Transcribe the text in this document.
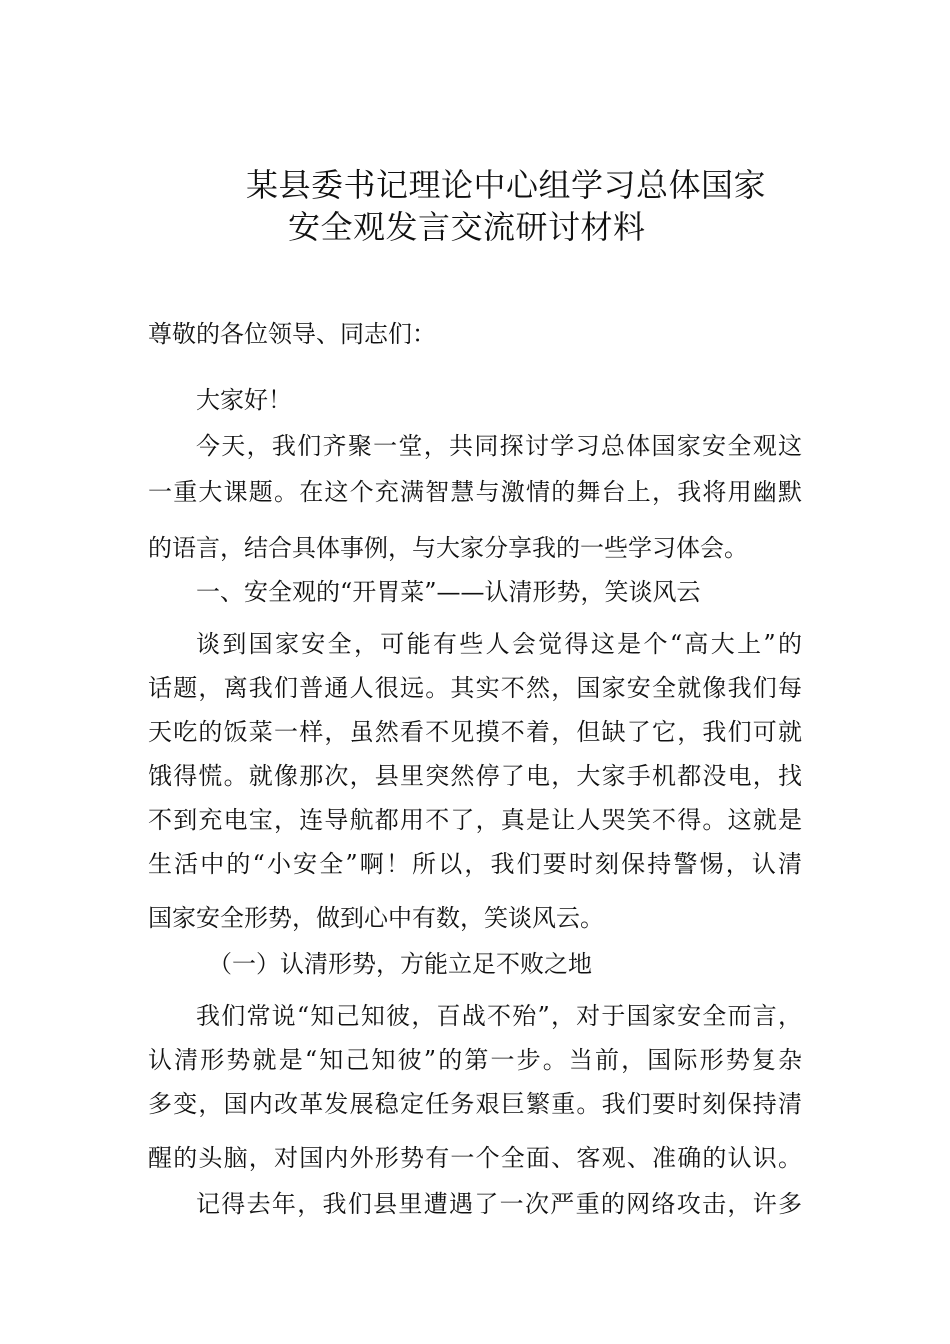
某县委书记理论中心组学习总体国家
安全观发言交流研讨材料
尊敬的各位领导、同志们：
大家好！
今天，我们齐聚一堂，共同探讨学习总体国家安全观这
一重大课题。在这个充满智慧与激情的舞台上，我将用幽默
的语言，结合具体事例，与大家分享我的一些学习体会。
一、安全观的“开胃菜”——认清形势，笑谈风云
谈到国家安全，可能有些人会觉得这是个“高大上”的
话题，离我们普通人很远。其实不然，国家安全就像我们每
天吃的饭菜一样，虽然看不见摸不着，但缺了它，我们可就
饿得慌。就像那次，县里突然停了电，大家手机都没电，找
不到充电宝，连导航都用不了，真是让人哭笑不得。这就是
生活中的“小安全”啊！所以，我们要时刻保持警惕，认清
国家安全形势，做到心中有数，笑谈风云。
（一）认清形势，方能立足不败之地
我们常说“知己知彼，百战不殆”，对于国家安全而言，
认清形势就是“知己知彼”的第一步。当前，国际形势复杂
多变，国内改革发展稳定任务艰巨繁重。我们要时刻保持清
醒的头脑，对国内外形势有一个全面、客观、准确的认识。
记得去年，我们县里遭遇了一次严重的网络攻击，许多
